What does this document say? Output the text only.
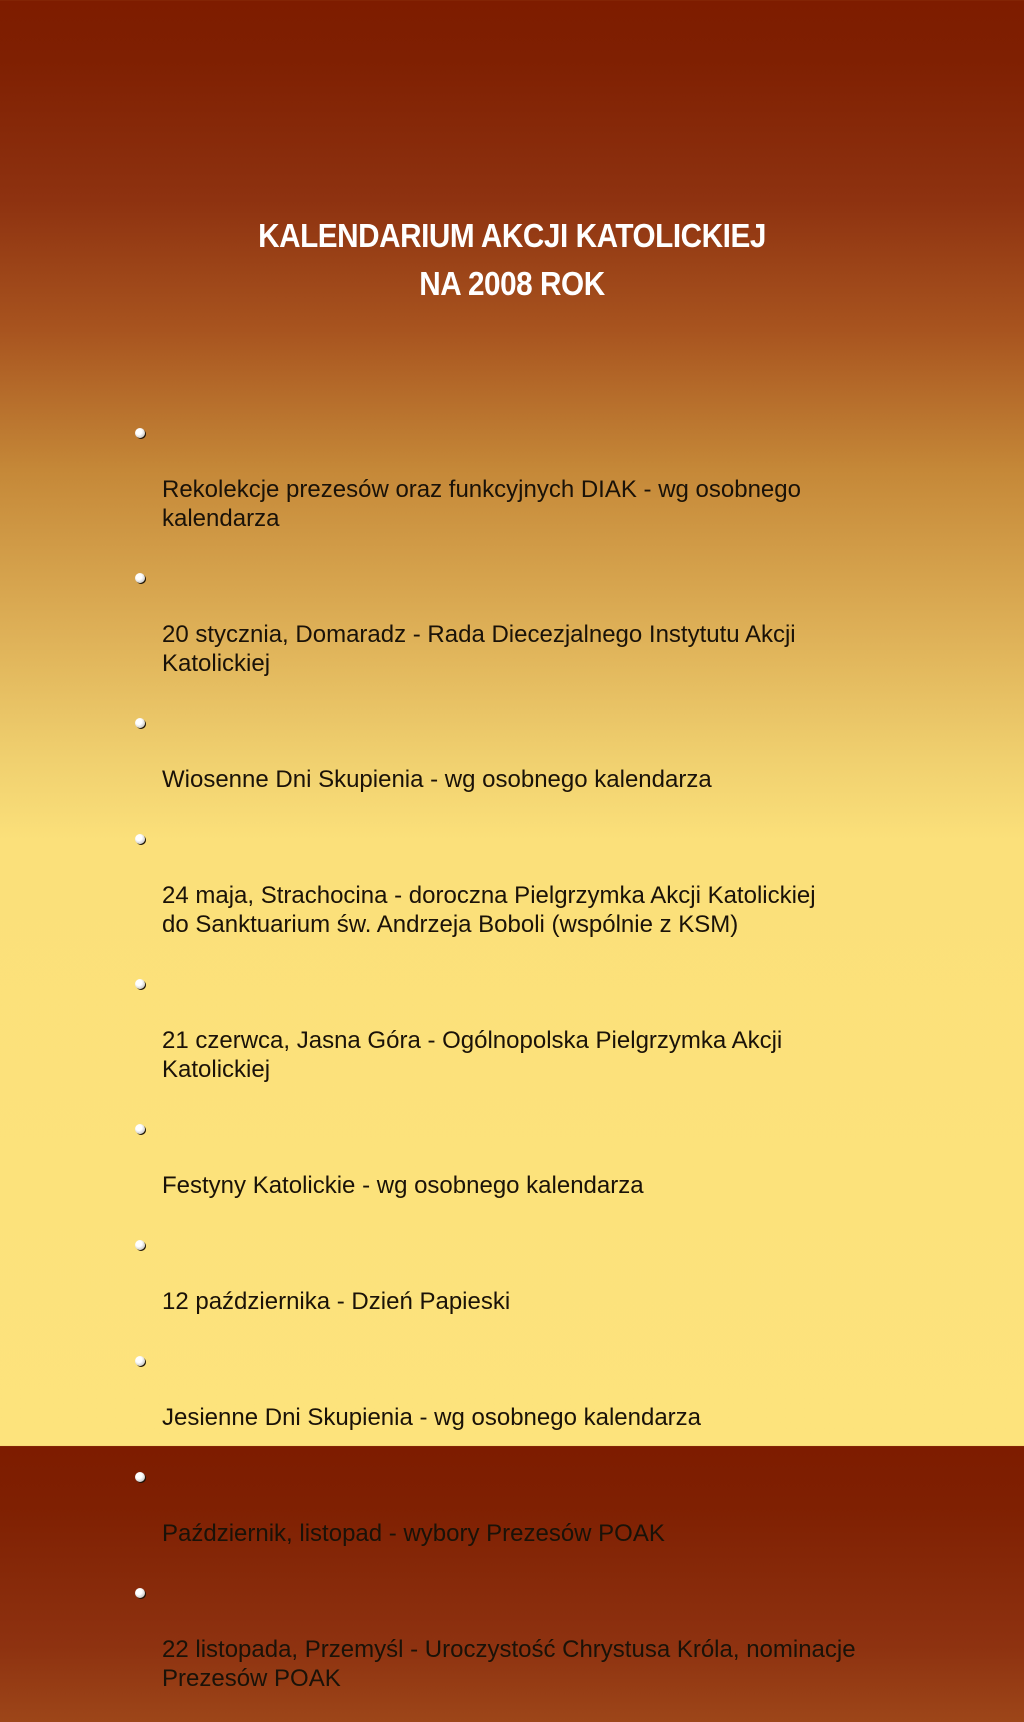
KALENDARIUM AKCJI KATOLICKIEJ
NA 2008 ROK

Rekolekcje prezesów oraz funkcyjnych DIAK - wg osobnego
kalendarza

20 stycznia, Domaradz - Rada Diecezjalnego Instytutu Akcji
Katolickiej

Wiosenne Dni Skupienia - wg osobnego kalendarza

24 maja, Strachocina - doroczna Pielgrzymka Akcji Katolickiej
do Sanktuarium św. Andrzeja Boboli (wspólnie z KSM)

21 czerwca, Jasna Góra - Ogólnopolska Pielgrzymka Akcji
Katolickiej

Festyny Katolickie - wg osobnego kalendarza

12 października - Dzień Papieski

Jesienne Dni Skupienia - wg osobnego kalendarza

Październik, listopad - wybory Prezesów POAK

22 listopada, Przemyśl - Uroczystość Chrystusa Króla, nominacje
Prezesów POAK
